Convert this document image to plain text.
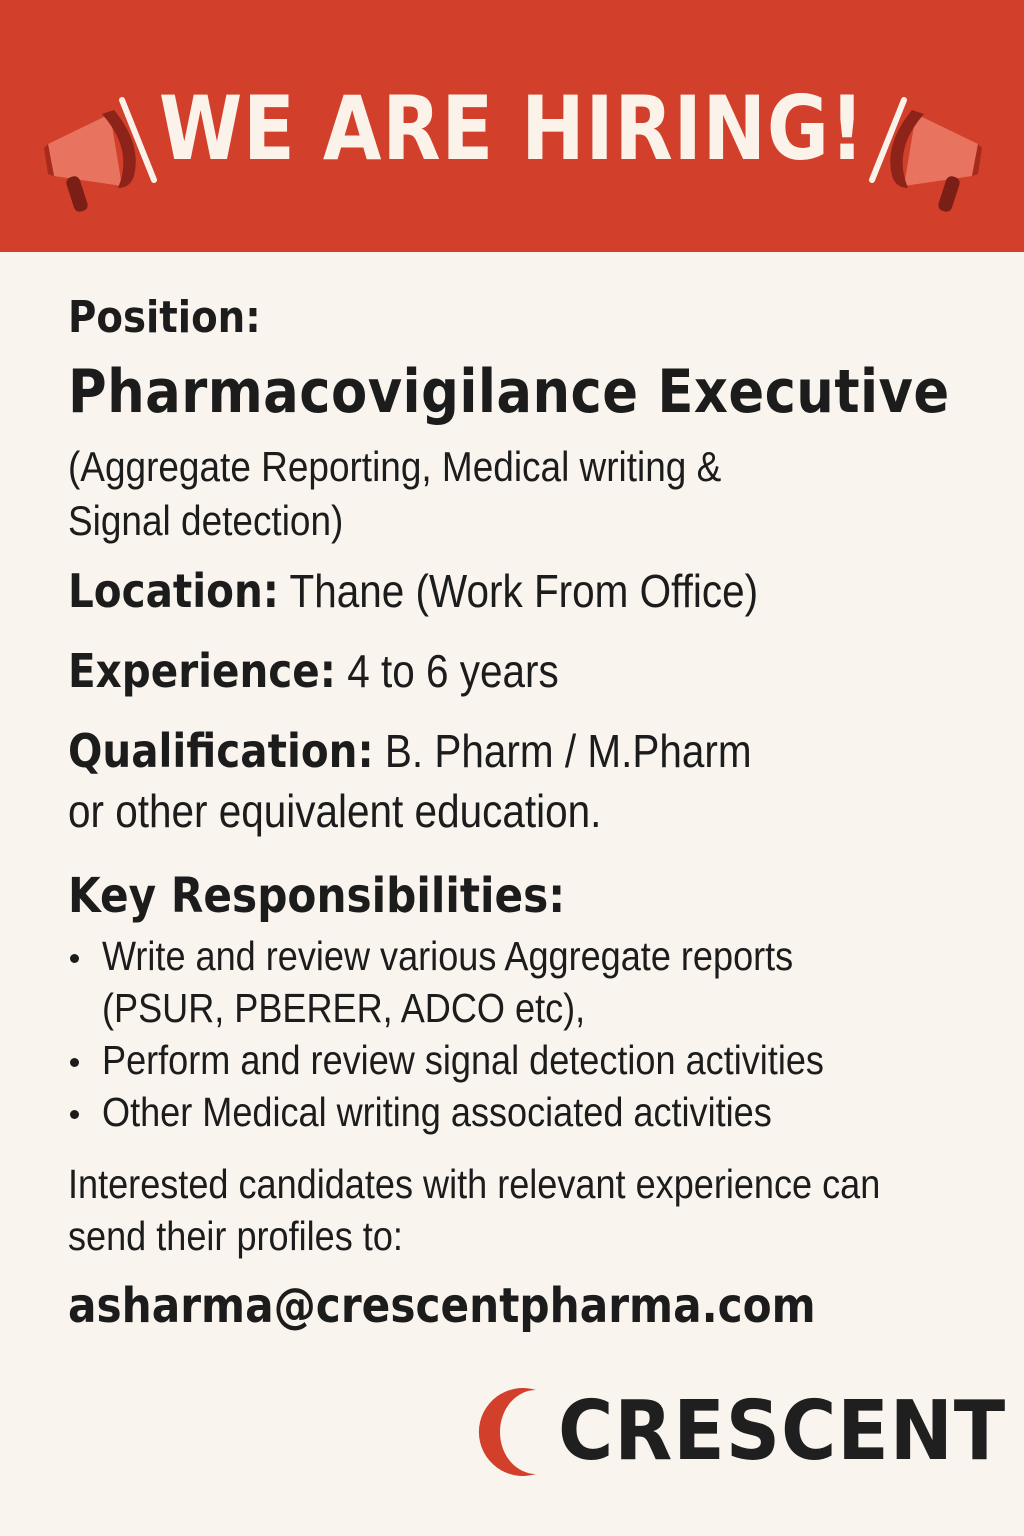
WE ARE HIRING!
Position:
Pharmacovigilance Executive
(Aggregate Reporting, Medical writing & Signal detection)
Location: Thane (Work From Office)
Experience: 4 to 6 years
Qualification: B. Pharm / M.Pharm
or other equivalent education.
Key Responsibilities:
Write and review various Aggregate reports (PSUR, PBERER, ADCO etc),
Perform and review signal detection activities
Other Medical writing associated activities
Interested candidates with relevant experience can send their profiles to:
asharma@crescentpharma.com
CRESCENT
